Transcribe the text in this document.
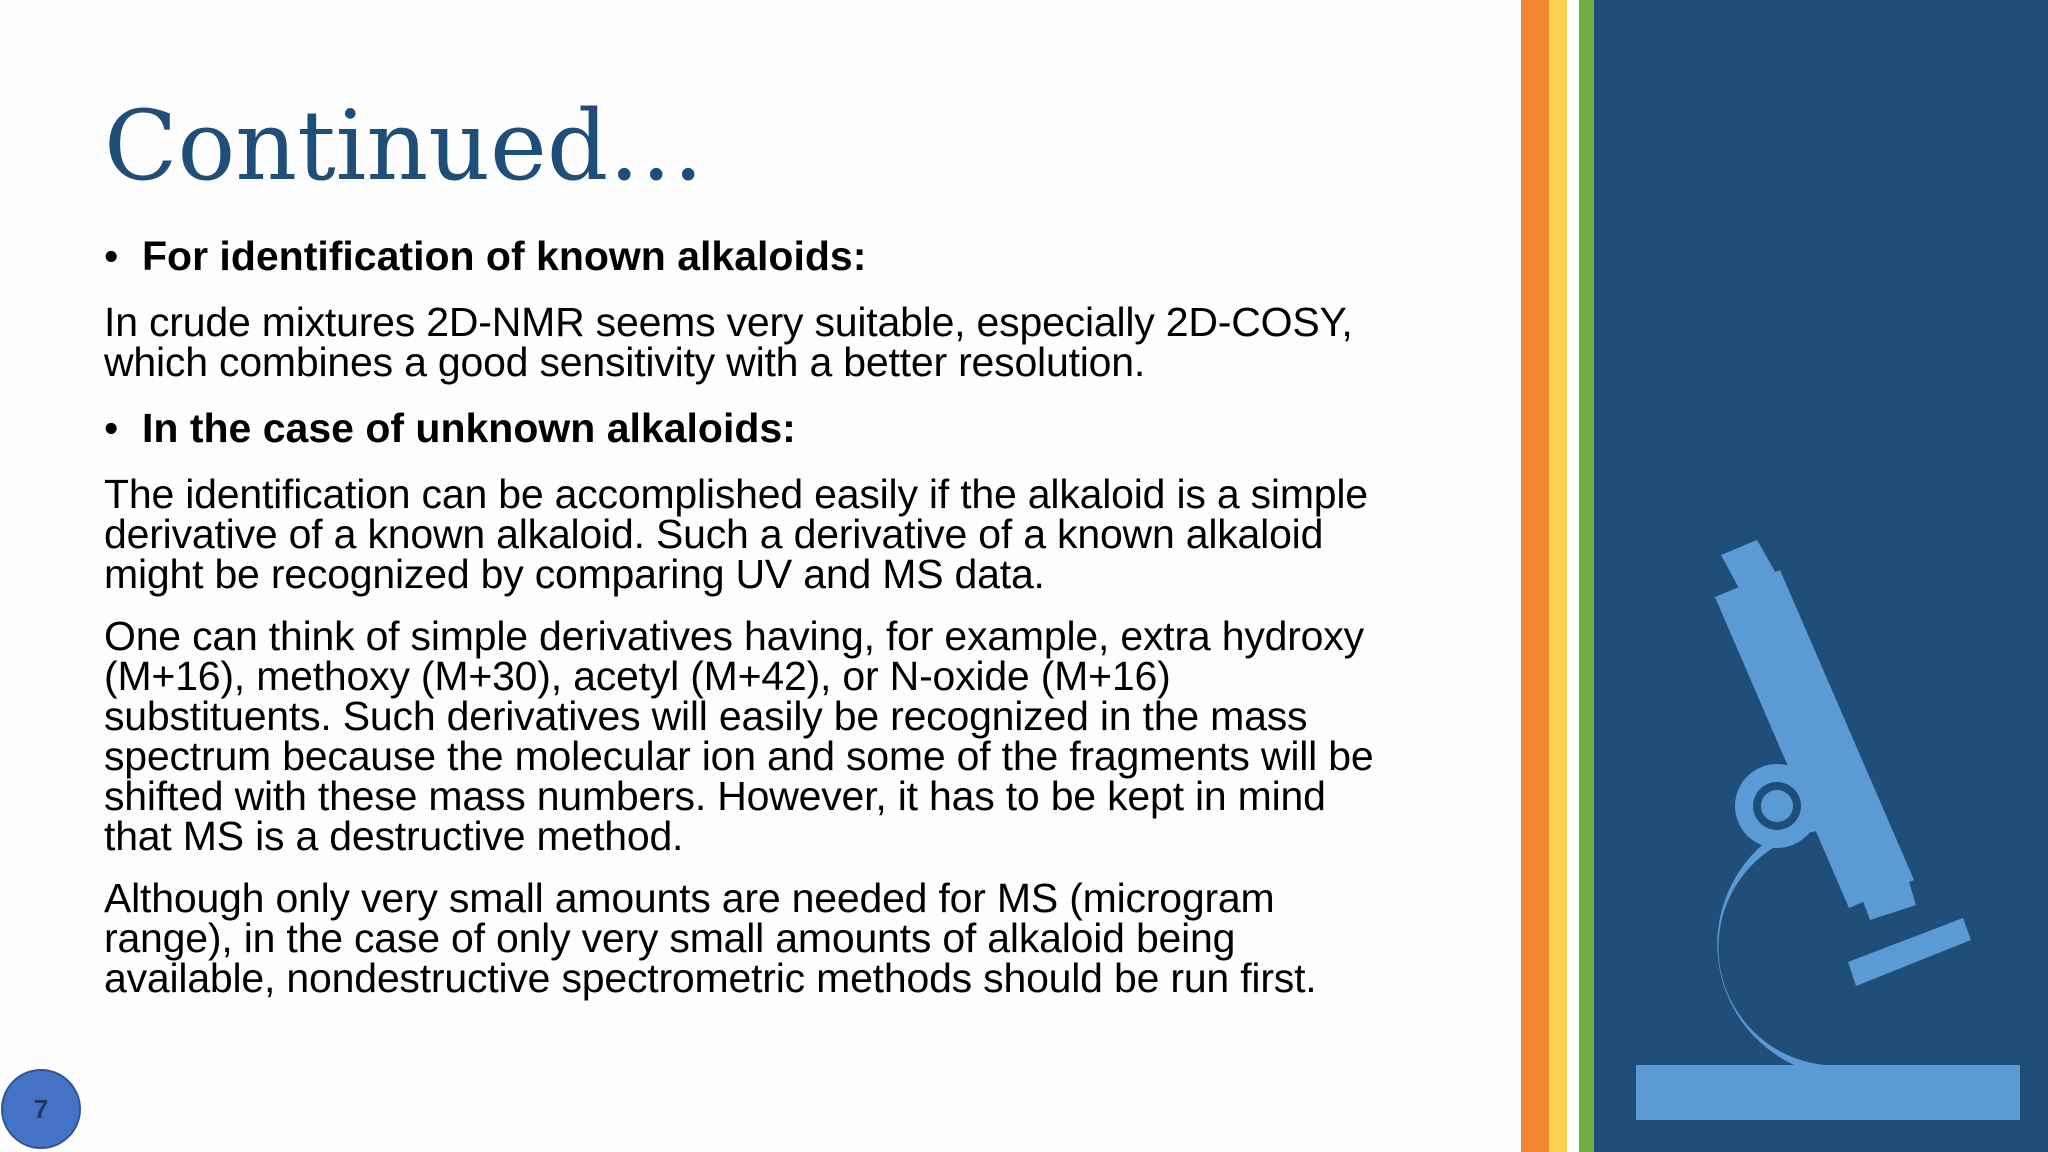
Continued…
• For identification of known alkaloids:
In crude mixtures 2D-NMR seems very suitable, especially 2D-COSY,
which combines a good sensitivity with a better resolution.
• In the case of unknown alkaloids:
The identification can be accomplished easily if the alkaloid is a simple
derivative of a known alkaloid. Such a derivative of a known alkaloid
might be recognized by comparing UV and MS data.
One can think of simple derivatives having, for example, extra hydroxy
(M+16), methoxy (M+30), acetyl (M+42), or N-oxide (M+16)
substituents. Such derivatives will easily be recognized in the mass
spectrum because the molecular ion and some of the fragments will be
shifted with these mass numbers. However, it has to be kept in mind
that MS is a destructive method.
Although only very small amounts are needed for MS (microgram
range), in the case of only very small amounts of alkaloid being
available, nondestructive spectrometric methods should be run first.
7
